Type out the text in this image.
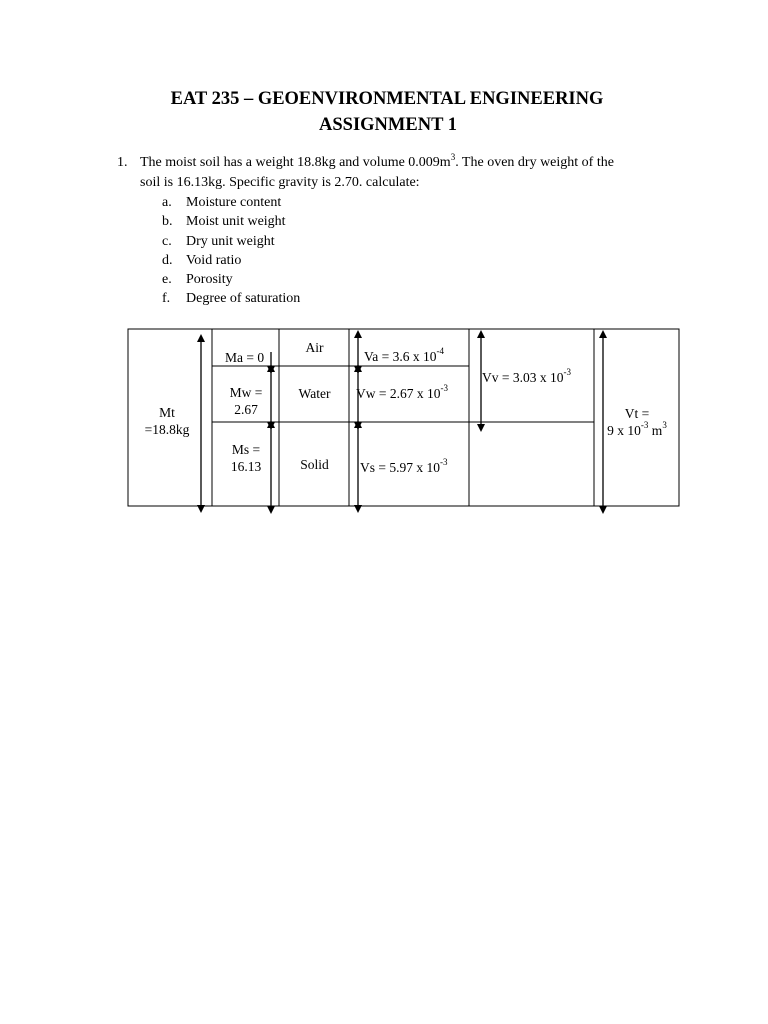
EAT 235 – GEOENVIRONMENTAL ENGINEERING
ASSIGNMENT 1
1. The moist soil has a weight 18.8kg and volume $0.009m^3$. The oven dry weight of the
soil is 16.13kg. Specific gravity is 2.70. calculate:
a. Moisture content
b. Moist unit weight
c. Dry unit weight
d. Void ratio
e. Porosity
f. Degree of saturation
Mt
=18.8kg
Ma = 0
Mw =
2.67
Ms =
16.13
Air
Water
Solid
Va = 3.6 x $10^{-4}$
Vw = 2.67 x $10^{-3}$
Vs = 5.97 x $10^{-3}$
Vv = 3.03 x $10^{-3}$
Vt =
9 x $10^{-3}$ $m^3$
